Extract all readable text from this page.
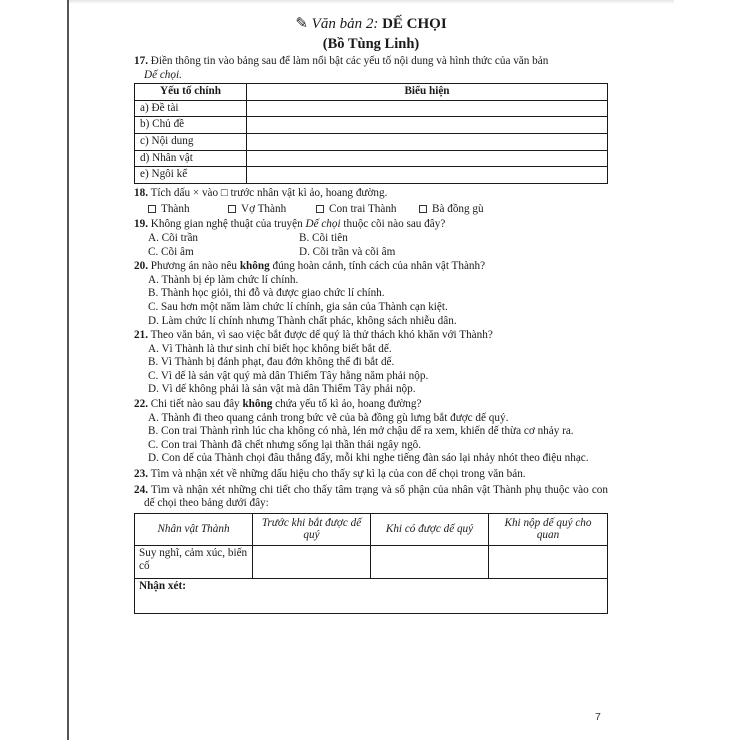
✎ Văn bản 2: DẾ CHỌI
(Bồ Tùng Linh)
17. Điền thông tin vào bảng sau để làm nổi bật các yếu tố nội dung và hình thức của văn bản
Dế chọi.
Yếu tố chính	Biểu hiện
a) Đề tài	
b) Chủ đề	
c) Nội dung	
d) Nhân vật	
e) Ngôi kể	
18. Tích dấu × vào □ trước nhân vật kì ảo, hoang đường.
Thành	Vợ Thành	Con trai Thành	Bà đồng gù
19. Không gian nghệ thuật của truyện Dế chọi thuộc cõi nào sau đây?
A. Cõi trần	B. Cõi tiên
C. Cõi âm	D. Cõi trần và cõi âm
20. Phương án nào nêu không đúng hoàn cảnh, tính cách của nhân vật Thành?
A. Thành bị ép làm chức lí chính.
B. Thành học giỏi, thi đỗ và được giao chức lí chính.
C. Sau hơn một năm làm chức lí chính, gia sản của Thành cạn kiệt.
D. Làm chức lí chính nhưng Thành chất phác, không sách nhiễu dân.
21. Theo văn bản, vì sao việc bắt được dế quý là thử thách khó khăn với Thành?
A. Vì Thành là thư sinh chỉ biết học không biết bắt dế.
B. Vì Thành bị đánh phạt, đau đớn không thể đi bắt dế.
C. Vì dế là sản vật quý mà dân Thiểm Tây hằng năm phải nộp.
D. Vì dế không phải là sản vật mà dân Thiểm Tây phải nộp.
22. Chi tiết nào sau đây không chứa yếu tố kì ảo, hoang đường?
A. Thành đi theo quang cảnh trong bức vẽ của bà đồng gù lưng bắt được dế quý.
B. Con trai Thành rình lúc cha không có nhà, lén mở chậu dế ra xem, khiến dế thừa cơ nhảy ra.
C. Con trai Thành đã chết nhưng sống lại thần thái ngây ngô.
D. Con dế của Thành chọi đâu thắng đấy, mỗi khi nghe tiếng đàn sáo lại nhảy nhót theo điệu nhạc.
23. Tìm và nhận xét về những dấu hiệu cho thấy sự kì lạ của con dế chọi trong văn bản.
24. Tìm và nhận xét những chi tiết cho thấy tâm trạng và số phận của nhân vật Thành phụ thuộc vào con dế chọi theo bảng dưới đây:
Nhân vật Thành	Trước khi bắt được dế quý	Khi có được dế quý	Khi nộp dế quý cho quan
Suy nghĩ, cảm xúc, biến cố			
Nhận xét:			
7
